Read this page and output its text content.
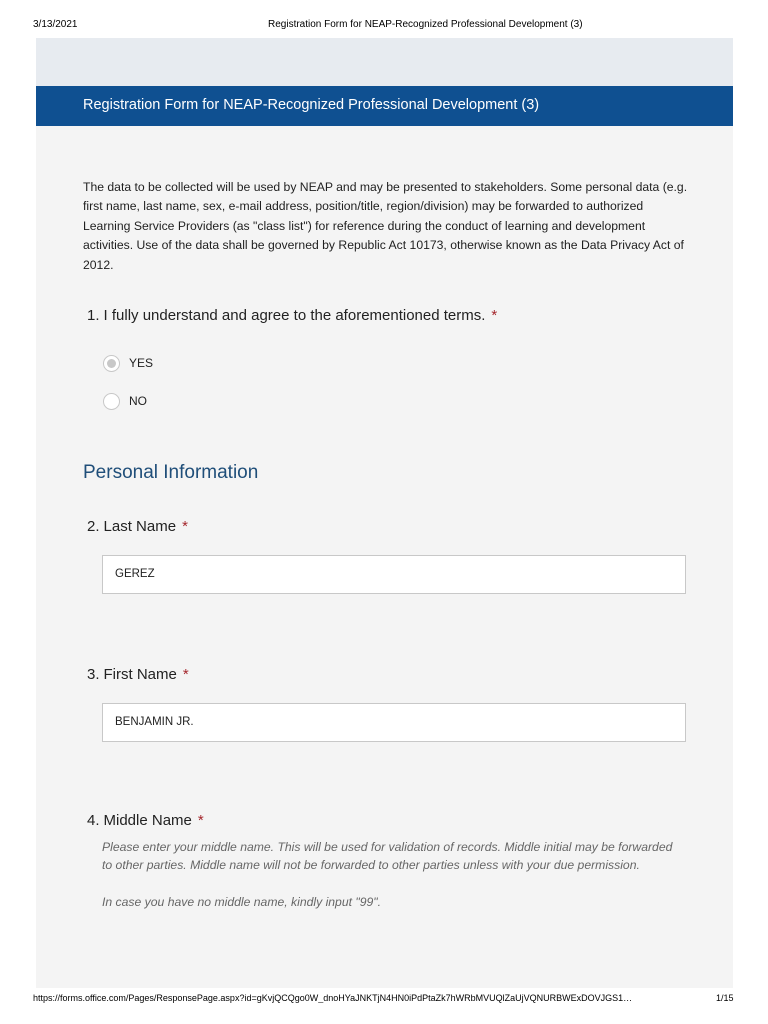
3/13/2021	Registration Form for NEAP-Recognized Professional Development (3)
Registration Form for NEAP-Recognized Professional Development (3)
The data to be collected will be used by NEAP and may be presented to stakeholders. Some personal data (e.g. first name, last name, sex, e-mail address, position/title, region/division) may be forwarded to authorized Learning Service Providers (as "class list") for reference during the conduct of learning and development activities. Use of the data shall be governed by Republic Act 10173, otherwise known as the Data Privacy Act of 2012.
1. I fully understand and agree to the aforementioned terms. *
YES
NO
Personal Information
2. Last Name *
GEREZ
3. First Name *
BENJAMIN JR.
4. Middle Name *
Please enter your middle name. This will be used for validation of records. Middle initial may be forwarded to other parties. Middle name will not be forwarded to other parties unless with your due permission.
In case you have no middle name, kindly input "99".
https://forms.office.com/Pages/ResponsePage.aspx?id=gKvjQCQgo0W_dnoHYaJNKTjN4HN0iPdPtaZk7hWRbMVUQlZaUjVQNURBWExDOVJGS1…	1/15
